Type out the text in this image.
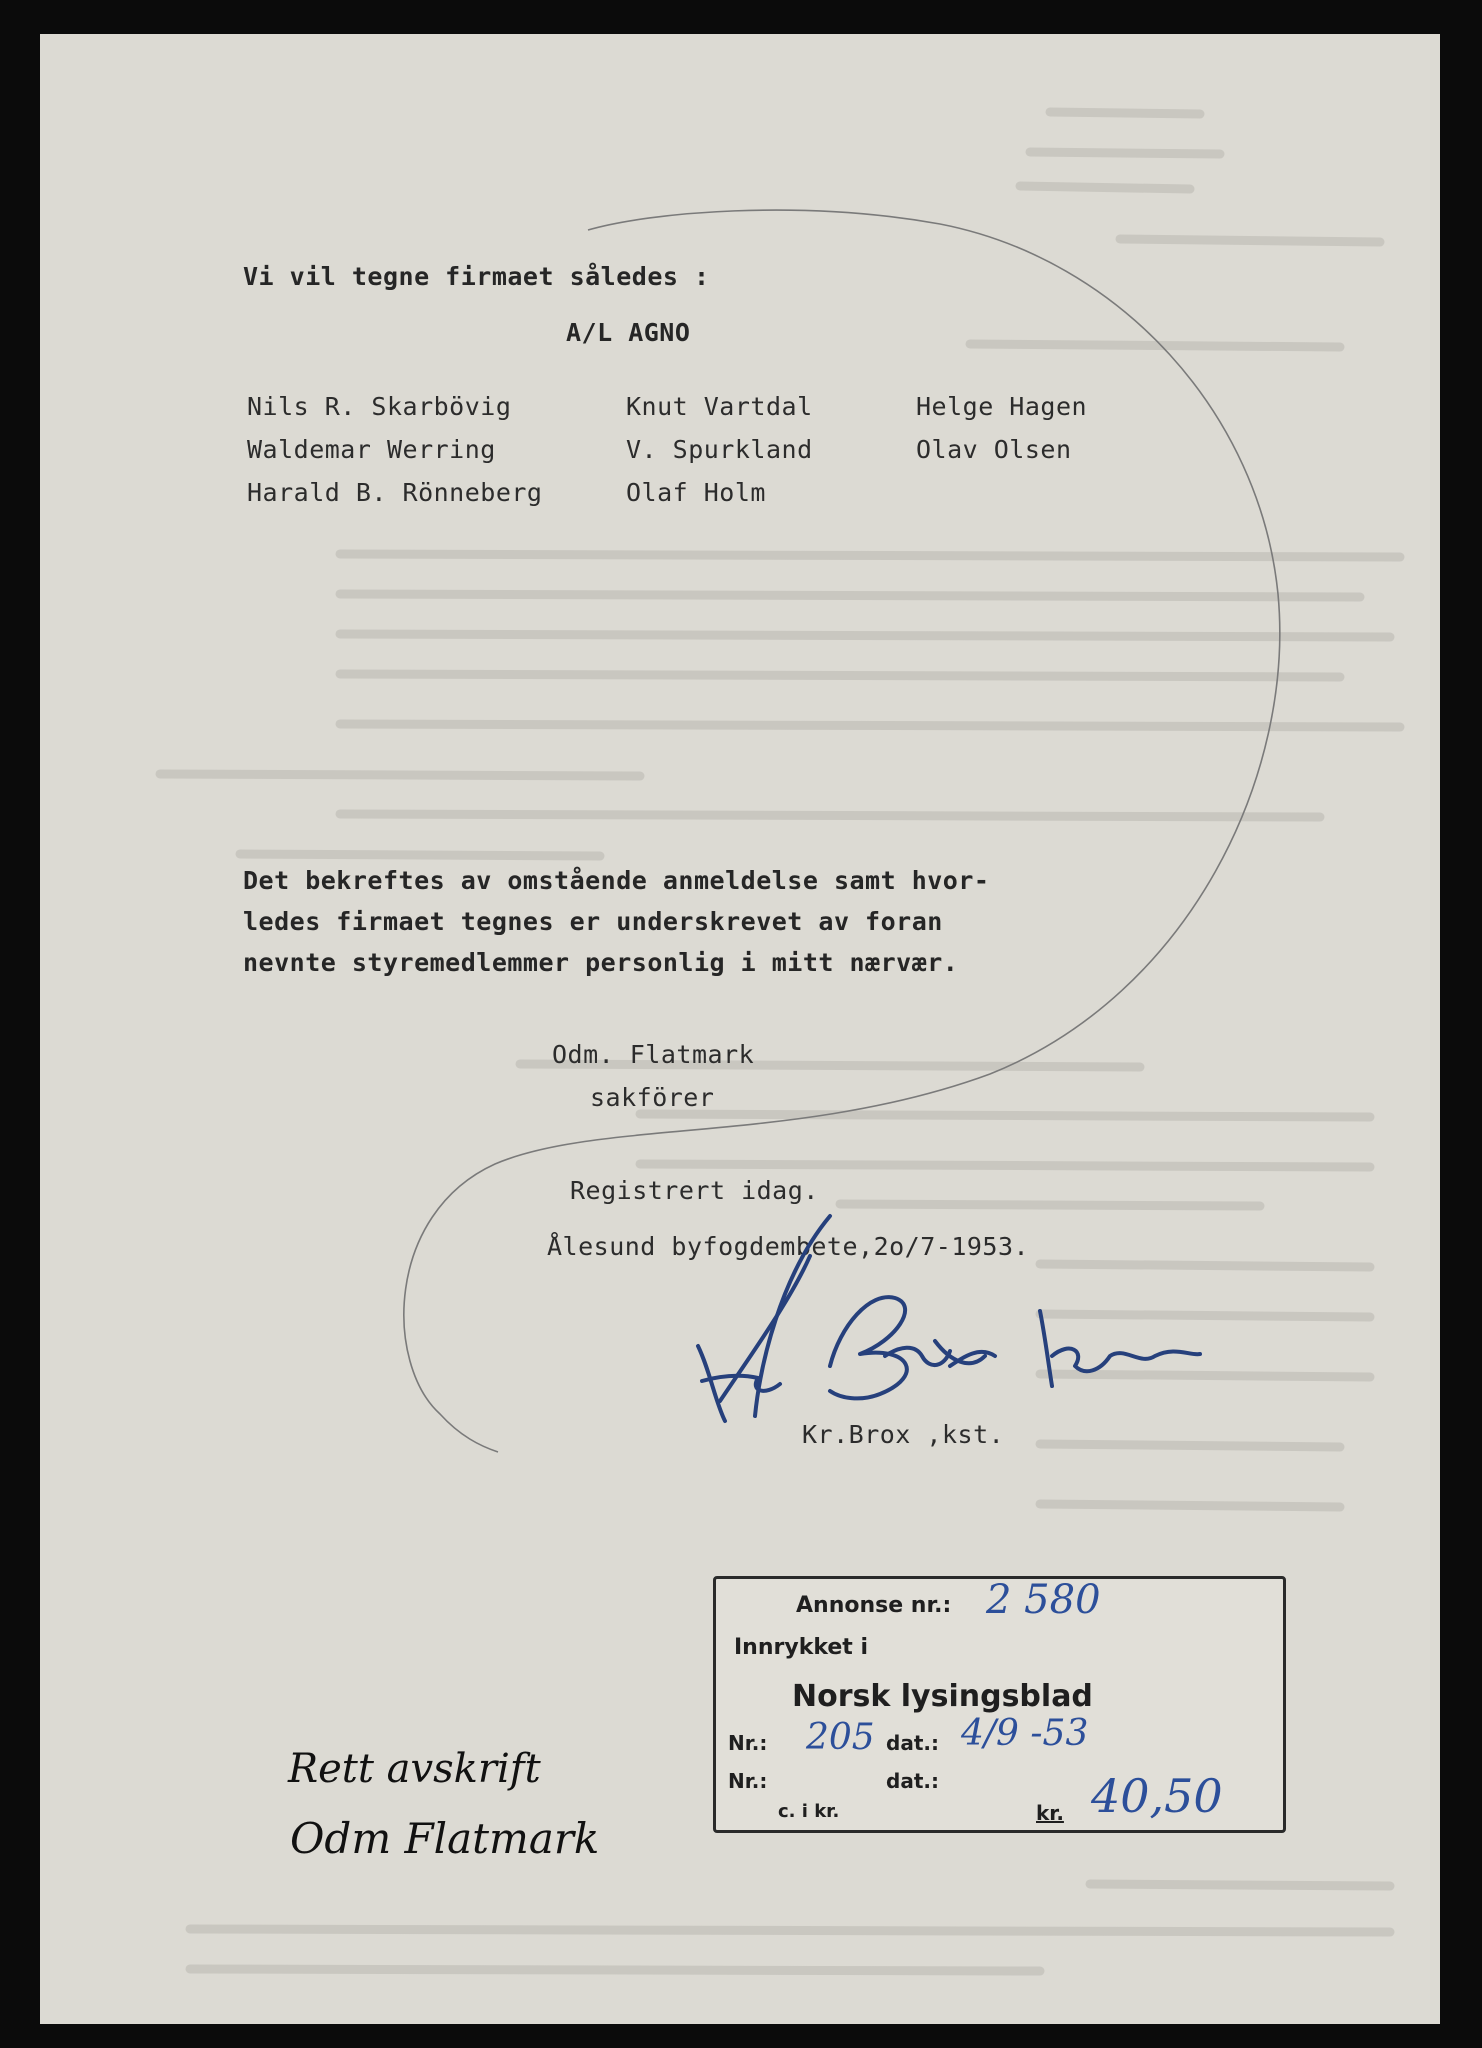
Vi vil tegne firmaet således :
A/L AGNO
Nils R. Skarbövig
Waldemar Werring
Harald B. Rönneberg
Knut Vartdal
V. Spurkland
Olaf Holm
Helge Hagen
Olav Olsen
Det bekreftes av omstående anmeldelse samt hvor-
ledes firmaet tegnes er underskrevet av foran
nevnte styremedlemmer personlig i mitt nærvær.
Odm. Flatmark
sakförer
Registrert idag.
Ålesund byfogdembete,2o/7-1953.
Kr.Brox ,kst.
Annonse nr.: 2 580
Innrykket i
Norsk lysingsblad
Nr.: 205 dat.: 4/9 -53
Nr.:	dat.:
c. i kr.	kr. 40,50
Rett avskrift
Odm Flatmark
